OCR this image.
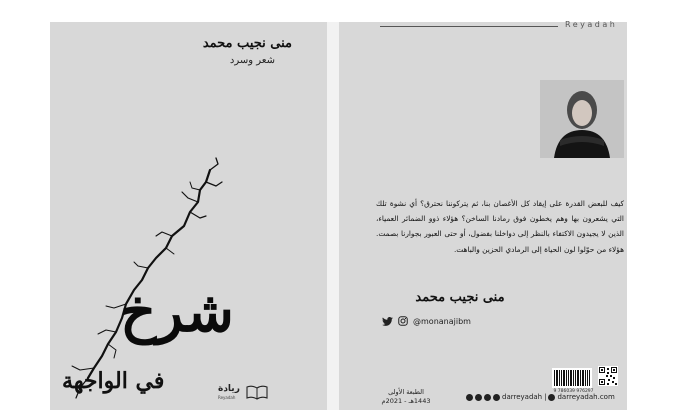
منى نجيب محمد
شعر وسرد
شرخ
في الواجهة	ريادة
Reyadah
Reyadah
كيف للبعض القدرة على إيقاد كل الأغصان بنا، ثم يتركوننا نحترق؟ أي نشوة تلك التي يشعرون بها وهم يخطون فوق رمادنا الساخن؟ هؤلاء ذوو الضمائر العمياء، الذين لا يجيدون الاكتفاء بالنظر إلى دواخلنا بفضول، أو حتى العبور بجوارنا بصمت. هؤلاء من حوّلوا لون الحياة إلى الرمادي الحزين والباهت.
منى نجيب محمد
@monanajibm
الطبعة الأولى
1443هـ - 2021م	darreyadah | darreyadah.com
9 786039 976297
